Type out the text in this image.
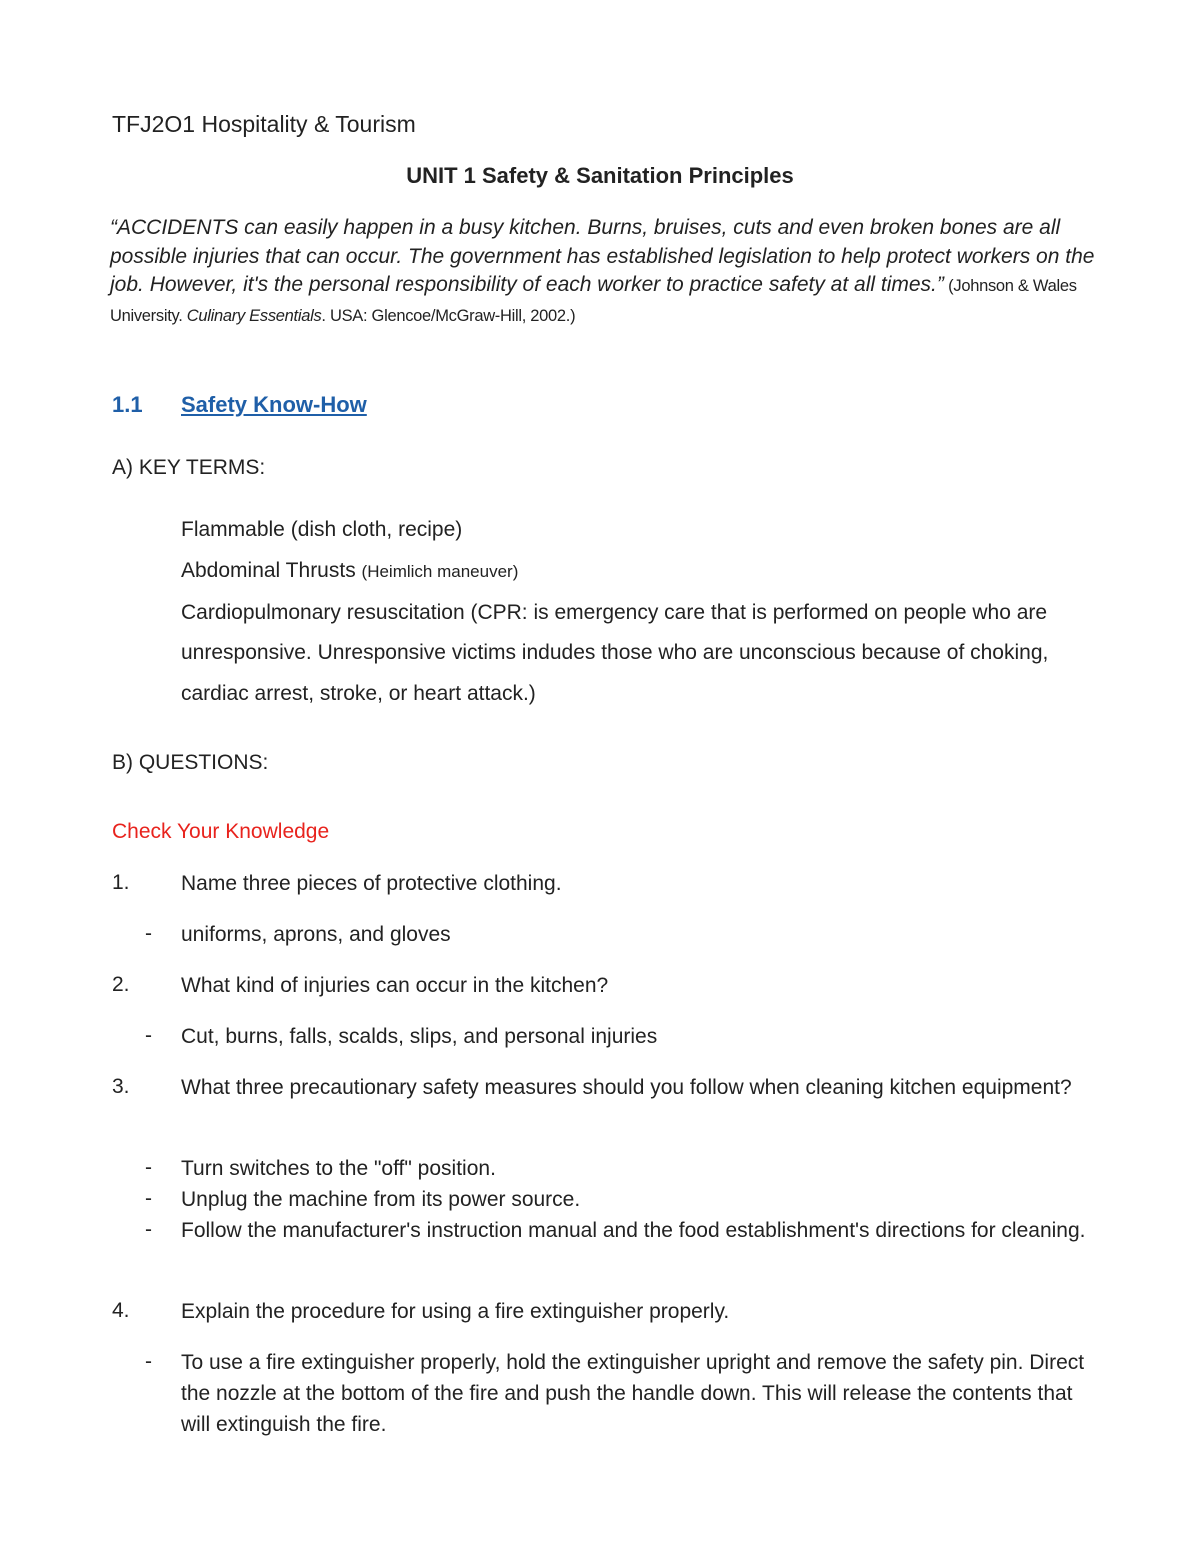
TFJ2O1 Hospitality & Tourism
UNIT 1 Safety & Sanitation Principles
“ACCIDENTS can easily happen in a busy kitchen. Burns, bruises, cuts and even broken bones are all possible injuries that can occur. The government has established legislation to help protect workers on the job. However, it's the personal responsibility of each worker to practice safety at all times.” (Johnson & Wales University. Culinary Essentials. USA: Glencoe/McGraw-Hill, 2002.)
1.1 Safety Know-How
A) KEY TERMS:
Flammable (dish cloth, recipe)
Abdominal Thrusts (Heimlich maneuver)
Cardiopulmonary resuscitation (CPR: is emergency care that is performed on people who are unresponsive. Unresponsive victims indudes those who are unconscious because of choking, cardiac arrest, stroke, or heart attack.)
B) QUESTIONS:
Check Your Knowledge
1. Name three pieces of protective clothing.
- uniforms, aprons, and gloves
2. What kind of injuries can occur in the kitchen?
- Cut, burns, falls, scalds, slips, and personal injuries
3. What three precautionary safety measures should you follow when cleaning kitchen equipment?
- Turn switches to the "off" position.
- Unplug the machine from its power source.
- Follow the manufacturer's instruction manual and the food establishment's directions for cleaning.
4. Explain the procedure for using a fire extinguisher properly.
- To use a fire extinguisher properly, hold the extinguisher upright and remove the safety pin. Direct the nozzle at the bottom of the fire and push the handle down. This will release the contents that will extinguish the fire.
